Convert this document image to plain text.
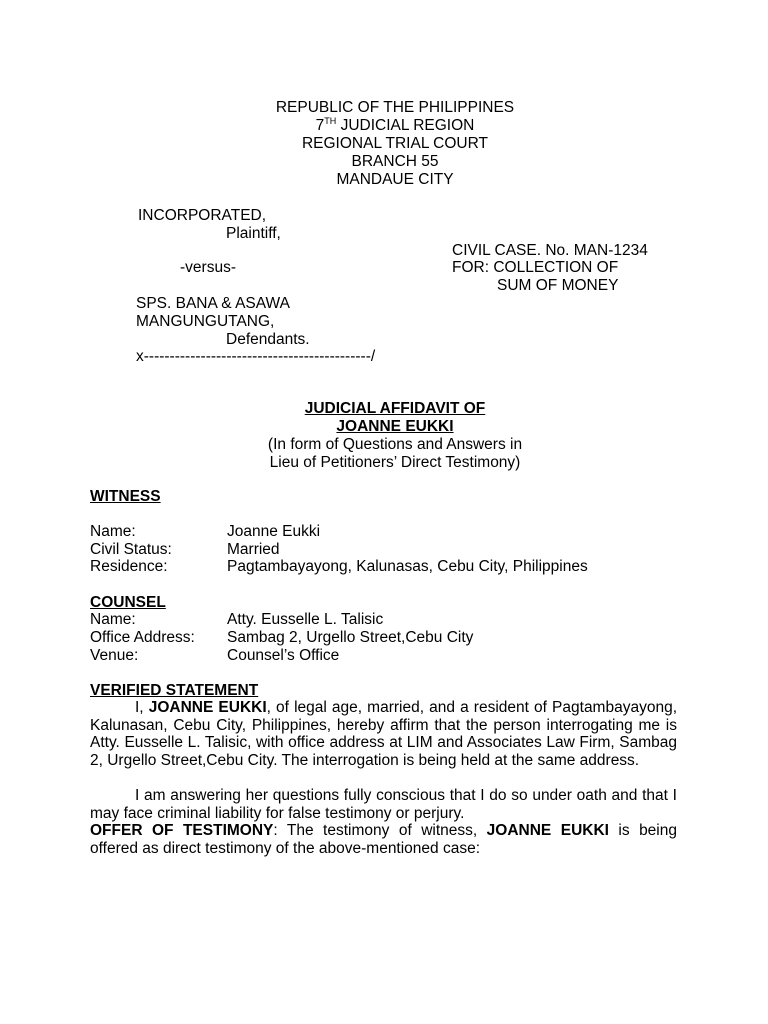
REPUBLIC OF THE PHILIPPINES
7TH JUDICIAL REGION
REGIONAL TRIAL COURT
BRANCH 55
MANDAUE CITY
INCORPORATED,
Plaintiff,
CIVIL CASE. No. MAN-1234
-versus-	FOR: COLLECTION OF
SUM OF MONEY
SPS. BANA & ASAWA
MANGUNGUTANG,
Defendants.
x--------------------------------------------/
JUDICIAL AFFIDAVIT OF
JOANNE EUKKI
(In form of Questions and Answers in
Lieu of Petitioners’ Direct Testimony)
WITNESS
Name:	Joanne Eukki
Civil Status:	Married
Residence:	Pagtambayayong, Kalunasas, Cebu City, Philippines
COUNSEL
Name:	Atty. Eusselle L. Talisic
Office Address: Sambag 2, Urgello Street,Cebu City
Venue:	Counsel’s Office
VERIFIED STATEMENT

I, JOANNE EUKKI, of legal age, married, and a resident of Pagtambayayong, Kalunasan, Cebu City, Philippines, hereby affirm that the person interrogating me is Atty. Eusselle L. Talisic, with office address at LIM and Associates Law Firm, Sambag 2, Urgello Street,Cebu City. The interrogation is being held at the same address.

I am answering her questions fully conscious that I do so under oath and that I may face criminal liability for false testimony or perjury.

OFFER OF TESTIMONY: The testimony of witness, JOANNE EUKKI is being offered as direct testimony of the above-mentioned case:
